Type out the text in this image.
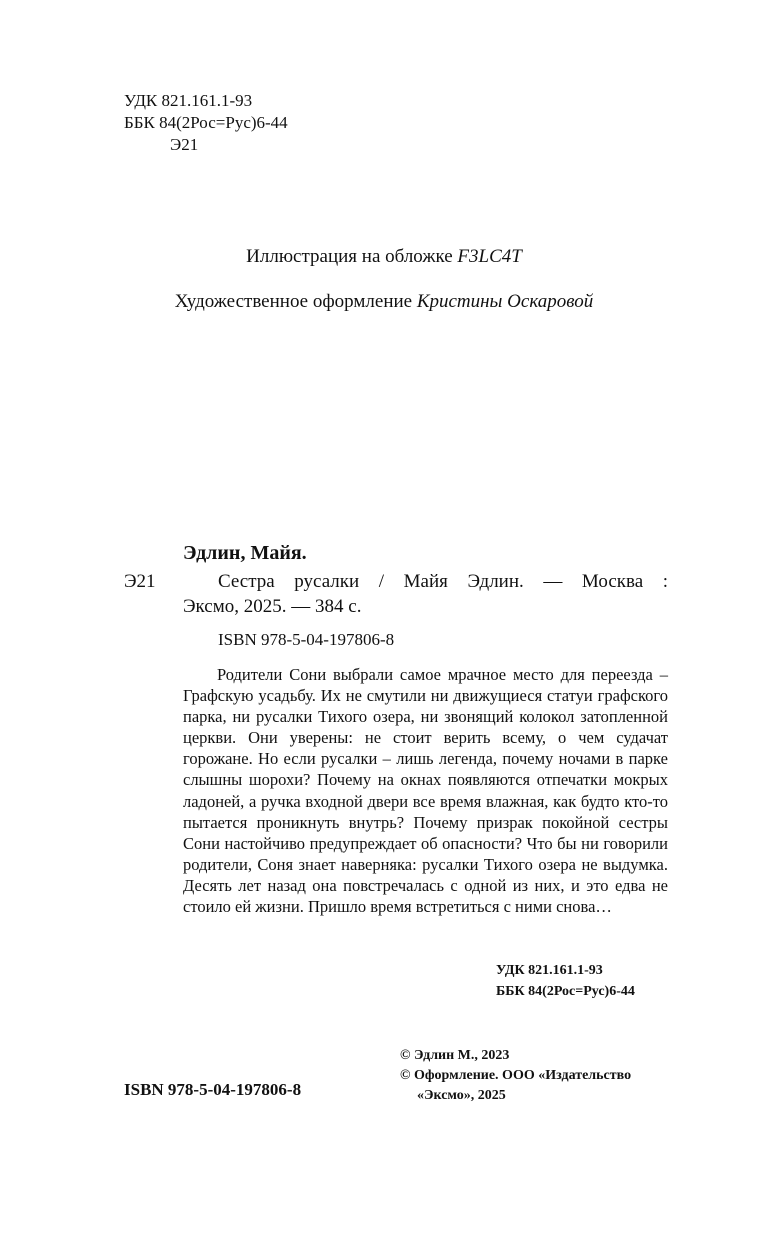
УДК 821.161.1-93
ББК 84(2Рос=Рус)6-44
Э21
Иллюстрация на обложке F3LC4T
Художественное оформление Кристины Оскаровой
Эдлин, Майя.
Э21	Сестра русалки / Майя Эдлин. — Москва :
Эксмо, 2025. — 384 с.
ISBN 978-5-04-197806-8
Родители Сони выбрали самое мрачное место для переезда – Графскую усадьбу. Их не смутили ни движущиеся статуи графского парка, ни русалки Тихого озера, ни звонящий колокол затопленной церкви. Они уверены: не стоит верить всему, о чем судачат горожане. Но если русалки – лишь легенда, почему ночами в парке слышны шорохи? Почему на окнах появляются отпечатки мокрых ладоней, а ручка входной двери все время влажная, как будто кто-то пытается проникнуть внутрь? Почему призрак покойной сестры Сони настойчиво предупреждает об опасности? Что бы ни говорили родители, Соня знает наверняка: русалки Тихого озера не выдумка. Десять лет назад она повстречалась с одной из них, и это едва не стоило ей жизни. Пришло время встретиться с ними снова…
УДК 821.161.1-93
ББК 84(2Рос=Рус)6-44
ISBN 978-5-04-197806-8
© Эдлин М., 2023
© Оформление. ООО «Издательство
«Эксмо», 2025
